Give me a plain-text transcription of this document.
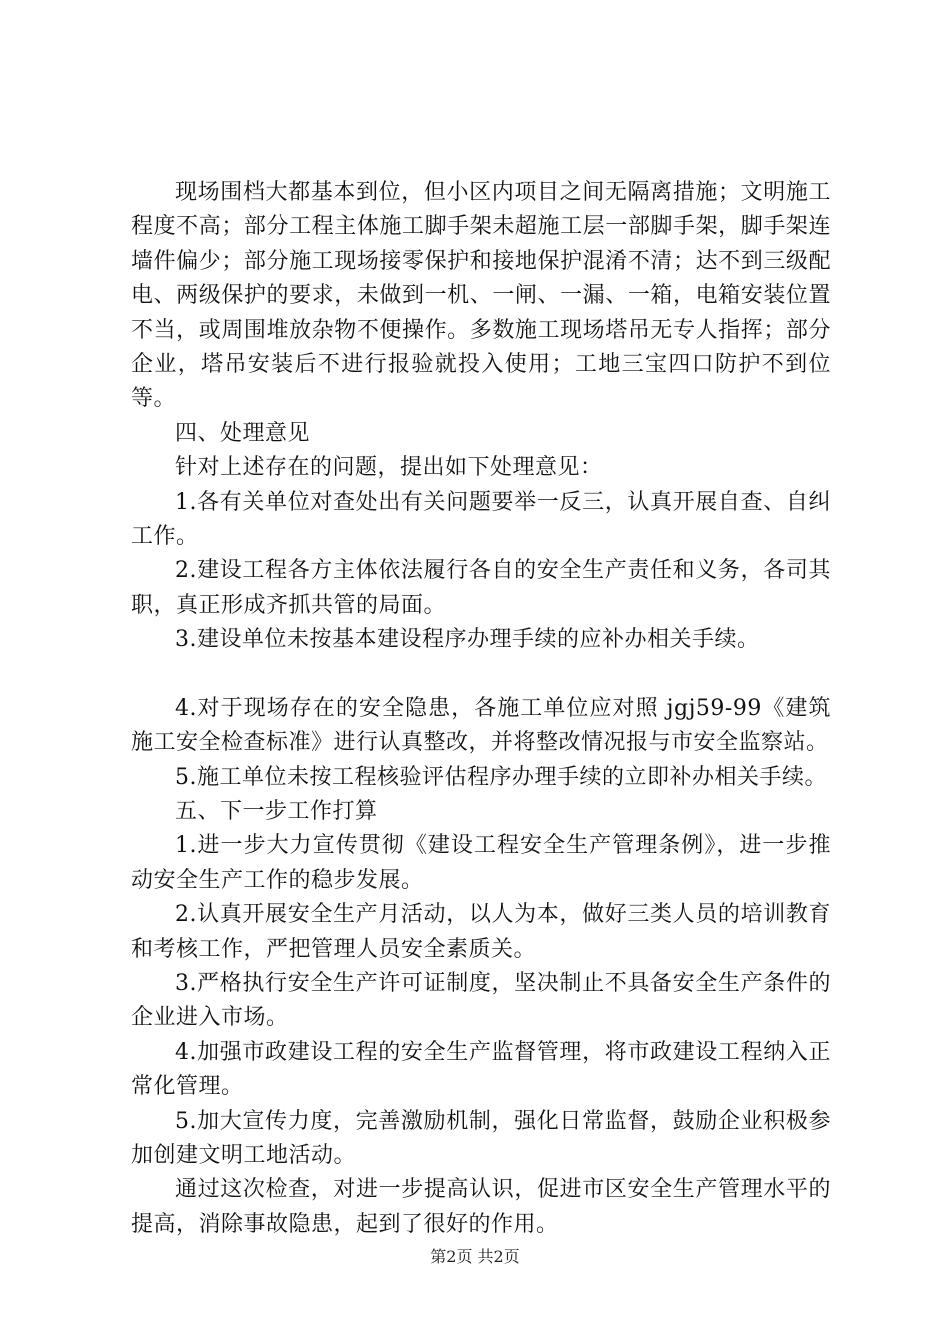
现场围档大都基本到位，但小区内项目之间无隔离措施；文明施工程度不高；部分工程主体施工脚手架未超施工层一部脚手架，脚手架连墙件偏少；部分施工现场接零保护和接地保护混淆不清；达不到三级配电、两级保护的要求，未做到一机、一闸、一漏、一箱，电箱安装位置不当，或周围堆放杂物不便操作。多数施工现场塔吊无专人指挥；部分企业，塔吊安装后不进行报验就投入使用；工地三宝四口防护不到位等。

四、处理意见

针对上述存在的问题，提出如下处理意见：

1.各有关单位对查处出有关问题要举一反三，认真开展自查、自纠工作。

2.建设工程各方主体依法履行各自的安全生产责任和义务，各司其职，真正形成齐抓共管的局面。

3.建设单位未按基本建设程序办理手续的应补办相关手续。

4.对于现场存在的安全隐患，各施工单位应对照 jgj59-99《建筑施工安全检查标准》进行认真整改，并将整改情况报与市安全监察站。

5.施工单位未按工程核验评估程序办理手续的立即补办相关手续。

五、下一步工作打算

1.进一步大力宣传贯彻《建设工程安全生产管理条例》，进一步推动安全生产工作的稳步发展。

2.认真开展安全生产月活动，以人为本，做好三类人员的培训教育和考核工作，严把管理人员安全素质关。

3.严格执行安全生产许可证制度，坚决制止不具备安全生产条件的企业进入市场。

4.加强市政建设工程的安全生产监督管理，将市政建设工程纳入正常化管理。

5.加大宣传力度，完善激励机制，强化日常监督，鼓励企业积极参加创建文明工地活动。

通过这次检查，对进一步提高认识，促进市区安全生产管理水平的提高，消除事故隐患，起到了很好的作用。

第2页 共2页
